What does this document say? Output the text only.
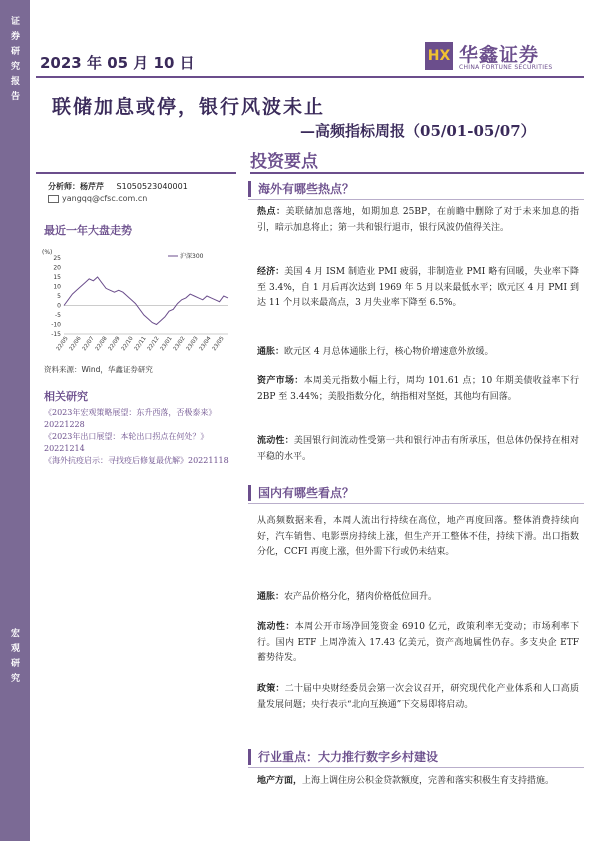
证券研究报告
宏观研究
2023 年 05 月 10 日	HX 华鑫证券
CHINA FORTUNE SECURITIES
联储加息或停，银行风波未止
—高频指标周报（05/01-05/07）
投资要点
分析师：杨芹芹 S1050523040001
yangqq@cfsc.com.cn
最近一年大盘走势
(%)
25
20
15
10
5
0
-5
-10
-15
22/05
22/06
22/07
22/08
22/09
22/10
22/11
22/12
23/01
23/02
23/03
23/04
23/05
沪深300
资料来源：Wind，华鑫证券研究
相关研究
《2023年宏观策略展望：东升西落，否极泰来》20221228
《2023年出口展望：本轮出口拐点在何处？》20221214
《海外抗疫启示：寻找疫后修复最优解》20221118
海外有哪些热点？
热点：美联储加息落地，如期加息 25BP，在前瞻中删除了对于未来加息的指引，暗示加息将止；第一共和银行退市，银行风波仍值得关注。
经济：美国 4 月 ISM 制造业 PMI 疲弱，非制造业 PMI 略有回暖，失业率下降至 3.4%，自 1 月后再次达到 1969 年 5 月以来最低水平；欧元区 4 月 PMI 到达 11 个月以来最高点，3 月失业率下降至 6.5%。
通胀：欧元区 4 月总体通胀上行，核心物价增速意外放缓。
资产市场：本周美元指数小幅上行，周均 101.61 点；10 年期美债收益率下行 2BP 至 3.44%；美股指数分化，纳指相对坚挺，其他均有回落。
流动性：美国银行间流动性受第一共和银行冲击有所承压，但总体仍保持在相对平稳的水平。
国内有哪些看点？
从高频数据来看，本周人流出行持续在高位，地产再度回落。整体消费持续向好，汽车销售、电影票房持续上涨，但生产开工整体不佳，持续下滑。出口指数分化，CCFI 再度上涨，但外需下行或仍未结束。
通胀：农产品价格分化，猪肉价格低位回升。
流动性：本周公开市场净回笼资金 6910 亿元，政策利率无变动；市场利率下行。国内 ETF 上周净流入 17.43 亿美元，资产高地属性仍存。多支央企 ETF 蓄势待发。
政策：二十届中央财经委员会第一次会议召开，研究现代化产业体系和人口高质量发展问题；央行表示“北向互换通”下交易即将启动。
行业重点：大力推行数字乡村建设
地产方面，上海上调住房公积金贷款额度，完善和落实积极生育支持措施。
